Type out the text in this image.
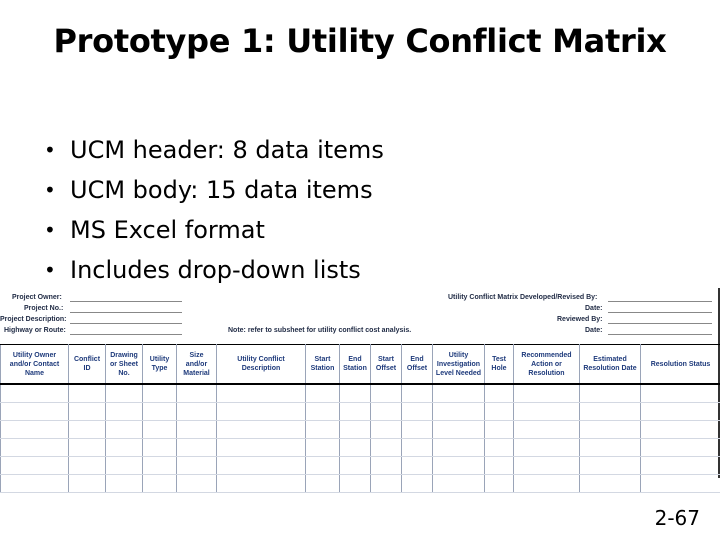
Prototype 1: Utility Conflict Matrix
• UCM header: 8 data items
• UCM body: 15 data items
• MS Excel format
• Includes drop-down lists
Project Owner:
Project No.:
Project Description:
Highway or Route:	Note: refer to subsheet for utility conflict cost analysis.
Utility Conflict Matrix Developed/Revised By:
Date:
Reviewed By:
Date:
Utility Owner and/or Contact Name	Conflict ID	Drawing or Sheet No.	Utility Type	Size and/or Material	Utility Conflict Description	Start Station	End Station	Start Offset	End Offset	Utility Investigation Level Needed	Test Hole	Recommended Action or Resolution	Estimated Resolution Date	Resolution Status

2-67
